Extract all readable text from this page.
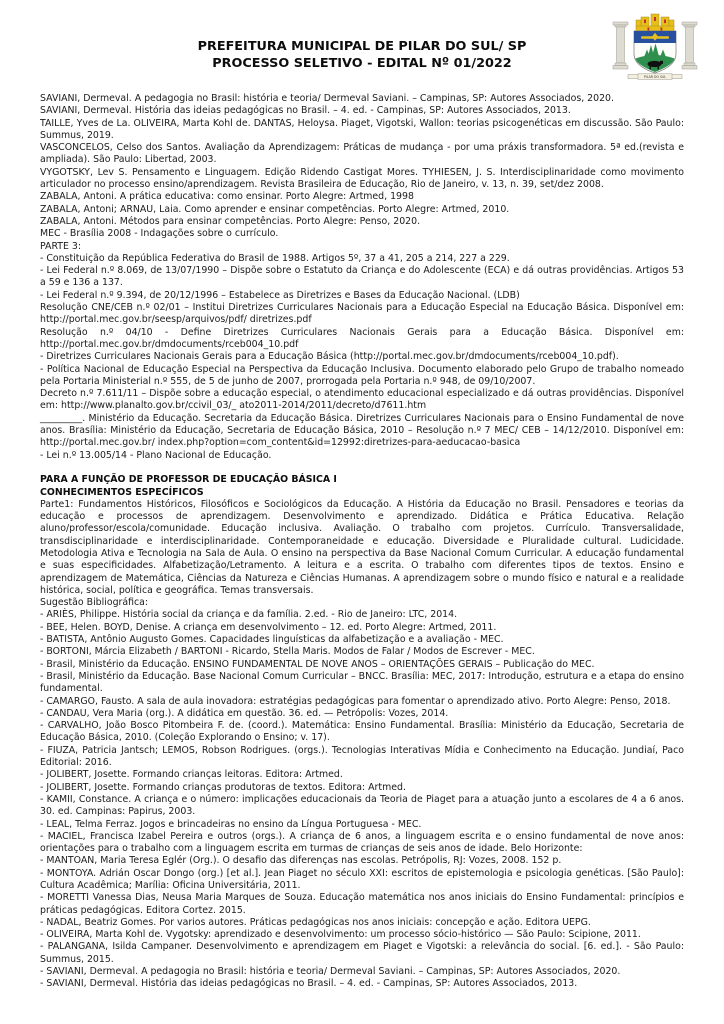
PILAR DO SUL
PREFEITURA MUNICIPAL DE PILAR DO SUL/ SP
PROCESSO SELETIVO - EDITAL Nº 01/2022

SAVIANI, Dermeval. A pedagogia no Brasil: história e teoria/ Dermeval Saviani. – Campinas, SP: Autores Associados, 2020.

SAVIANI, Dermeval. História das ideias pedagógicas no Brasil. – 4. ed. - Campinas, SP: Autores Associados, 2013.

TAILLE, Yves de La. OLIVEIRA, Marta Kohl de. DANTAS, Heloysa. Piaget, Vigotski, Wallon: teorias psicogenéticas em discussão. São Paulo: Summus, 2019.

VASCONCELOS, Celso dos Santos. Avaliação da Aprendizagem: Práticas de mudança - por uma práxis transformadora. 5ª ed.(revista e ampliada). São Paulo: Libertad, 2003.

VYGOTSKY, Lev S. Pensamento e Linguagem. Edição Ridendo Castigat Mores. TYHIESEN, J. S. Interdisciplinaridade como movimento articulador no processo ensino/aprendizagem. Revista Brasileira de Educação, Rio de Janeiro, v. 13, n. 39, set/dez 2008.

ZABALA, Antoni. A prática educativa: como ensinar. Porto Alegre: Artmed, 1998

ZABALA, Antoni; ARNAU, Laia. Como aprender e ensinar competências. Porto Alegre: Artmed, 2010.

ZABALA, Antoni. Métodos para ensinar competências. Porto Alegre: Penso, 2020.

MEC - Brasília 2008 - Indagações sobre o currículo.

PARTE 3:

- Constituição da República Federativa do Brasil de 1988. Artigos 5º, 37 a 41, 205 a 214, 227 a 229.

- Lei Federal n.º 8.069, de 13/07/1990 – Dispõe sobre o Estatuto da Criança e do Adolescente (ECA) e dá outras providências. Artigos 53 a 59 e 136 a 137.

- Lei Federal n.º 9.394, de 20/12/1996 – Estabelece as Diretrizes e Bases da Educação Nacional. (LDB)

Resolução CNE/CEB n.º 02/01 – Institui Diretrizes Curriculares Nacionais para a Educação Especial na Educação Básica. Disponível em: http://portal.mec.gov.br/seesp/arquivos/pdf/ diretrizes.pdf

Resolução n.º 04/10 - Define Diretrizes Curriculares Nacionais Gerais para a Educação Básica. Disponível em: http://portal.mec.gov.br/dmdocuments/rceb004_10.pdf

- Diretrizes Curriculares Nacionais Gerais para a Educação Básica (http://portal.mec.gov.br/dmdocuments/rceb004_10.pdf).

- Política Nacional de Educação Especial na Perspectiva da Educação Inclusiva. Documento elaborado pelo Grupo de trabalho nomeado pela Portaria Ministerial n.º 555, de 5 de junho de 2007, prorrogada pela Portaria n.º 948, de 09/10/2007.

Decreto n.º 7.611/11 – Dispõe sobre a educação especial, o atendimento educacional especializado e dá outras providências. Disponível em: http://www.planalto.gov.br/ccivil_03/_ ato2011-2014/2011/decreto/d7611.htm

_________. Ministério da Educação. Secretaria da Educação Básica. Diretrizes Curriculares Nacionais para o Ensino Fundamental de nove anos. Brasília: Ministério da Educação, Secretaria de Educação Básica, 2010 – Resolução n.º 7 MEC/ CEB – 14/12/2010. Disponível em: http://portal.mec.gov.br/ index.php?option=com_content&id=12992:diretrizes-para-aeducacao-basica

- Lei n.º 13.005/14 - Plano Nacional de Educação.

PARA A FUNÇÃO DE PROFESSOR DE EDUCAÇÃO BÁSICA I

CONHECIMENTOS ESPECÍFICOS

Parte1: Fundamentos Históricos, Filosóficos e Sociológicos da Educação. A História da Educação no Brasil. Pensadores e teorias da educação e processos de aprendizagem. Desenvolvimento e aprendizado. Didática e Prática Educativa. Relação aluno/professor/escola/comunidade. Educação inclusiva. Avaliação. O trabalho com projetos. Currículo. Transversalidade, transdisciplinaridade e interdisciplinaridade. Contemporaneidade e educação. Diversidade e Pluralidade cultural. Ludicidade. Metodologia Ativa e Tecnologia na Sala de Aula. O ensino na perspectiva da Base Nacional Comum Curricular. A educação fundamental e suas especificidades. Alfabetização/Letramento. A leitura e a escrita. O trabalho com diferentes tipos de textos. Ensino e aprendizagem de Matemática, Ciências da Natureza e Ciências Humanas. A aprendizagem sobre o mundo físico e natural e a realidade histórica, social, política e geográfica. Temas transversais.

Sugestão Bibliográfica:

- ARIÈS, Philippe. História social da criança e da família. 2.ed. - Rio de Janeiro: LTC, 2014.

- BEE, Helen. BOYD, Denise. A criança em desenvolvimento – 12. ed. Porto Alegre: Artmed, 2011.

- BATISTA, Antônio Augusto Gomes. Capacidades linguísticas da alfabetização e a avaliação - MEC.

- BORTONI, Márcia Elizabeth / BARTONI - Ricardo, Stella Maris. Modos de Falar / Modos de Escrever - MEC.

- Brasil, Ministério da Educação. ENSINO FUNDAMENTAL DE NOVE ANOS – ORIENTAÇÕES GERAIS – Publicação do MEC.

- Brasil, Ministério da Educação. Base Nacional Comum Curricular – BNCC. Brasília: MEC, 2017: Introdução, estrutura e a etapa do ensino fundamental.

- CAMARGO, Fausto. A sala de aula inovadora: estratégias pedagógicas para fomentar o aprendizado ativo. Porto Alegre: Penso, 2018.

- CANDAU, Vera Maria (org.). A didática em questão. 36. ed. — Petrópolis: Vozes, 2014.

- CARVALHO, João Bosco Pitombeira F. de. (coord.). Matemática: Ensino Fundamental. Brasília: Ministério da Educação, Secretaria de Educação Básica, 2010. (Coleção Explorando o Ensino; v. 17).

- FIUZA, Patricia Jantsch; LEMOS, Robson Rodrigues. (orgs.). Tecnologias Interativas Mídia e Conhecimento na Educação. Jundiaí, Paco Editorial: 2016.

- JOLIBERT, Josette. Formando crianças leitoras. Editora: Artmed.

- JOLIBERT, Josette. Formando crianças produtoras de textos. Editora: Artmed.

- KAMII, Constance. A criança e o número: implicações educacionais da Teoria de Piaget para a atuação junto a escolares de 4 a 6 anos. 30. ed. Campinas: Papirus, 2003.

- LEAL, Telma Ferraz. Jogos e brincadeiras no ensino da Língua Portuguesa - MEC.

- MACIEL, Francisca Izabel Pereira e outros (orgs.). A criança de 6 anos, a linguagem escrita e o ensino fundamental de nove anos: orientações para o trabalho com a linguagem escrita em turmas de crianças de seis anos de idade. Belo Horizonte:

- MANTOAN, Maria Teresa Eglér (Org.). O desafio das diferenças nas escolas. Petrópolis, RJ: Vozes, 2008. 152 p.

- MONTOYA. Adrián Oscar Dongo (org.) [et al.]. Jean Piaget no século XXI: escritos de epistemologia e psicologia genéticas. [São Paulo]: Cultura Acadêmica; Marília: Oficina Universitária, 2011.

- MORETTI Vanessa Dias, Neusa Maria Marques de Souza. Educação matemática nos anos iniciais do Ensino Fundamental: princípios e práticas pedagógicas. Editora Cortez. 2015.

- NADAL, Beatriz Gomes. Por varios autores. Práticas pedagógicas nos anos iniciais: concepção e ação. Editora UEPG.

- OLIVEIRA, Marta Kohl de. Vygotsky: aprendizado e desenvolvimento: um processo sócio-histórico — São Paulo: Scipione, 2011.

- PALANGANA, Isilda Campaner. Desenvolvimento e aprendizagem em Piaget e Vigotski: a relevância do social. [6. ed.]. - São Paulo: Summus, 2015.

- SAVIANI, Dermeval. A pedagogia no Brasil: história e teoria/ Dermeval Saviani. – Campinas, SP: Autores Associados, 2020.

- SAVIANI, Dermeval. História das ideias pedagógicas no Brasil. – 4. ed. - Campinas, SP: Autores Associados, 2013.
